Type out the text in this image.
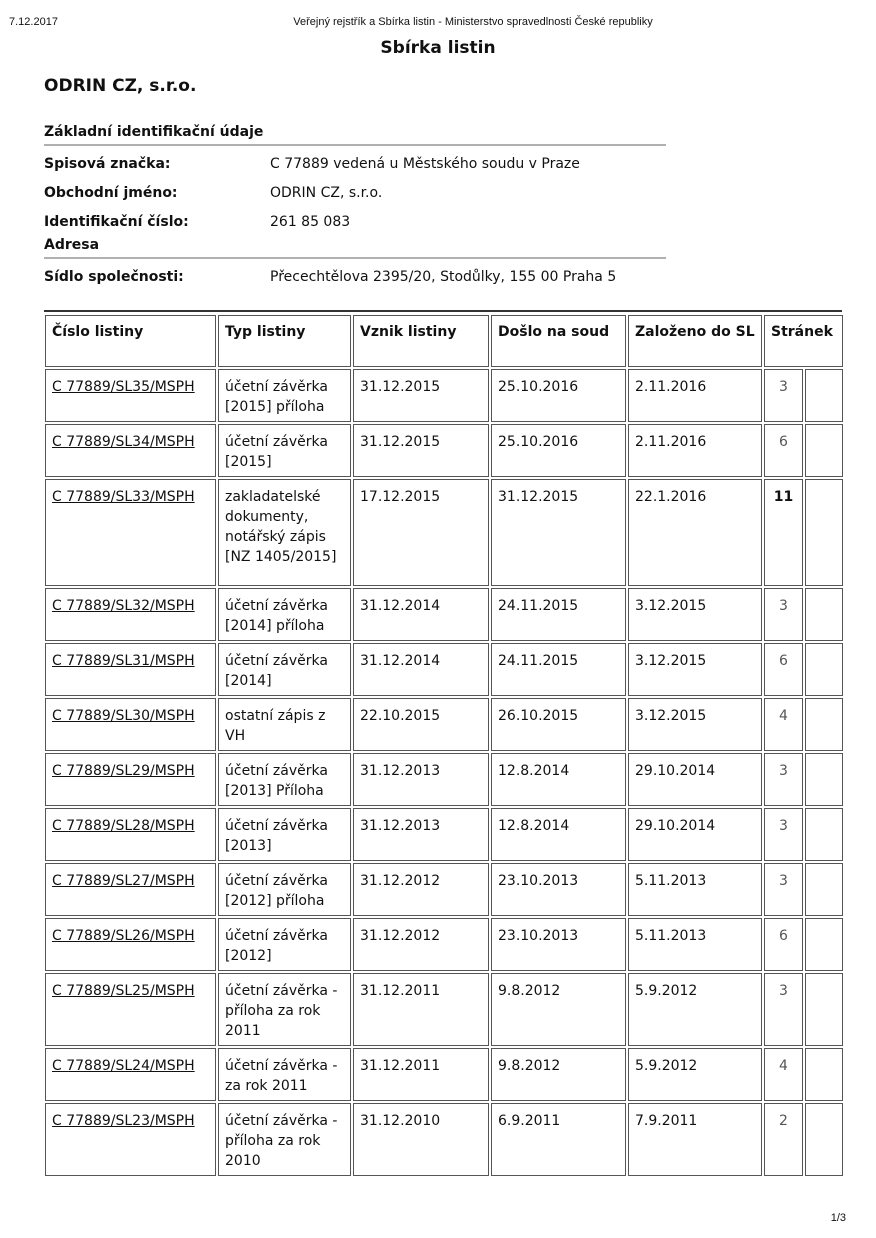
7.12.2017	Veřejný rejstřík a Sbírka listin - Ministerstvo spravedlnosti České republiky
Sbírka listin
ODRIN CZ, s.r.o.
Základní identifikační údaje
Spisová značka:	C 77889 vedená u Městského soudu v Praze
Obchodní jméno:	ODRIN CZ, s.r.o.
Identifikační číslo:	261 85 083
Adresa
Sídlo společnosti:	Přecechtělova 2395/20, Stodůlky, 155 00 Praha 5
Číslo listiny	Typ listiny	Vznik listiny	Došlo na soud	Založeno do SL	Stránek	
C 77889/SL35/MSPH	účetní závěrka [2015] příloha	31.12.2015	25.10.2016	2.11.2016	3	
C 77889/SL34/MSPH	účetní závěrka [2015]	31.12.2015	25.10.2016	2.11.2016	6	
C 77889/SL33/MSPH	zakladatelské dokumenty, notářský zápis [NZ 1405/2015]	17.12.2015	31.12.2015	22.1.2016	11	
C 77889/SL32/MSPH	účetní závěrka [2014] příloha	31.12.2014	24.11.2015	3.12.2015	3	
C 77889/SL31/MSPH	účetní závěrka [2014]	31.12.2014	24.11.2015	3.12.2015	6	
C 77889/SL30/MSPH	ostatní zápis z VH	22.10.2015	26.10.2015	3.12.2015	4	
C 77889/SL29/MSPH	účetní závěrka [2013] Příloha	31.12.2013	12.8.2014	29.10.2014	3	
C 77889/SL28/MSPH	účetní závěrka [2013]	31.12.2013	12.8.2014	29.10.2014	3	
C 77889/SL27/MSPH	účetní závěrka [2012] příloha	31.12.2012	23.10.2013	5.11.2013	3	
C 77889/SL26/MSPH	účetní závěrka [2012]	31.12.2012	23.10.2013	5.11.2013	6	
C 77889/SL25/MSPH	účetní závěrka -příloha za rok 2011	31.12.2011	9.8.2012	5.9.2012	3	
C 77889/SL24/MSPH	účetní závěrka -za rok 2011	31.12.2011	9.8.2012	5.9.2012	4	
C 77889/SL23/MSPH	účetní závěrka -příloha za rok 2010	31.12.2010	6.9.2011	7.9.2011	2	
1/3
